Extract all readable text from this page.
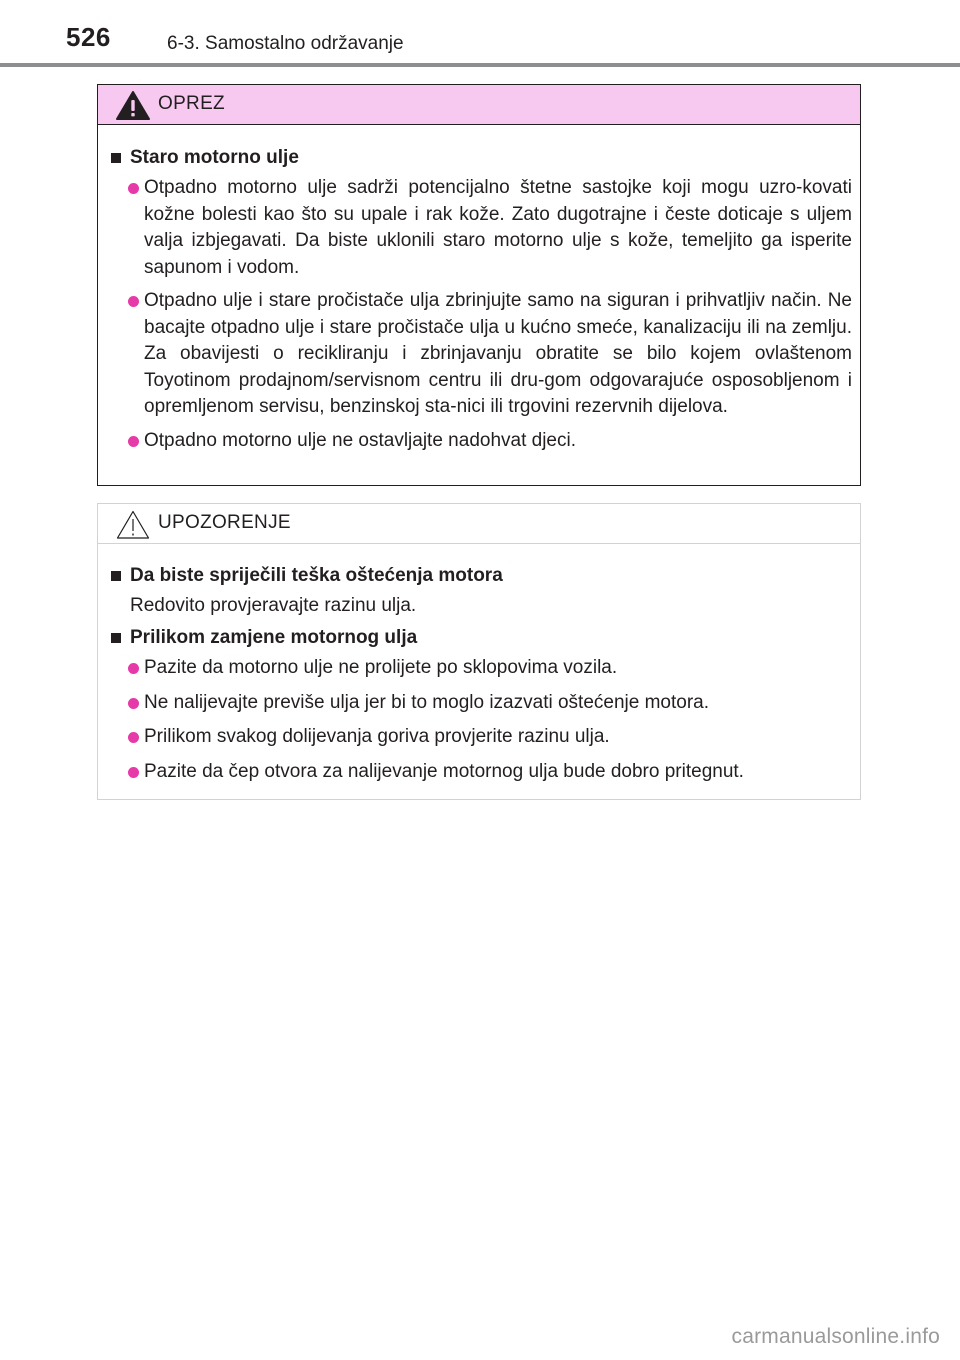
526	6-3. Samostalno održavanje
OPREZ
Staro motorno ulje
Otpadno motorno ulje sadrži potencijalno štetne sastojke koji mogu uzro-kovati kožne bolesti kao što su upale i rak kože. Zato dugotrajne i česte doticaje s uljem valja izbjegavati. Da biste uklonili staro motorno ulje s kože, temeljito ga isperite sapunom i vodom.
Otpadno ulje i stare pročistače ulja zbrinjujte samo na siguran i prihvatljiv način. Ne bacajte otpadno ulje i stare pročistače ulja u kućno smeće, kanalizaciju ili na zemlju. Za obavijesti o recikliranju i zbrinjavanju obratite se bilo kojem ovlaštenom Toyotinom prodajnom/servisnom centru ili dru-gom odgovarajuće osposobljenom i opremljenom servisu, benzinskoj sta-nici ili trgovini rezervnih dijelova.
Otpadno motorno ulje ne ostavljajte nadohvat djeci.
UPOZORENJE
Da biste spriječili teška oštećenja motora
Redovito provjeravajte razinu ulja.
Prilikom zamjene motornog ulja
Pazite da motorno ulje ne prolijete po sklopovima vozila.
Ne nalijevajte previše ulja jer bi to moglo izazvati oštećenje motora.
Prilikom svakog dolijevanja goriva provjerite razinu ulja.
Pazite da čep otvora za nalijevanje motornog ulja bude dobro pritegnut.
carmanualsonline.info
